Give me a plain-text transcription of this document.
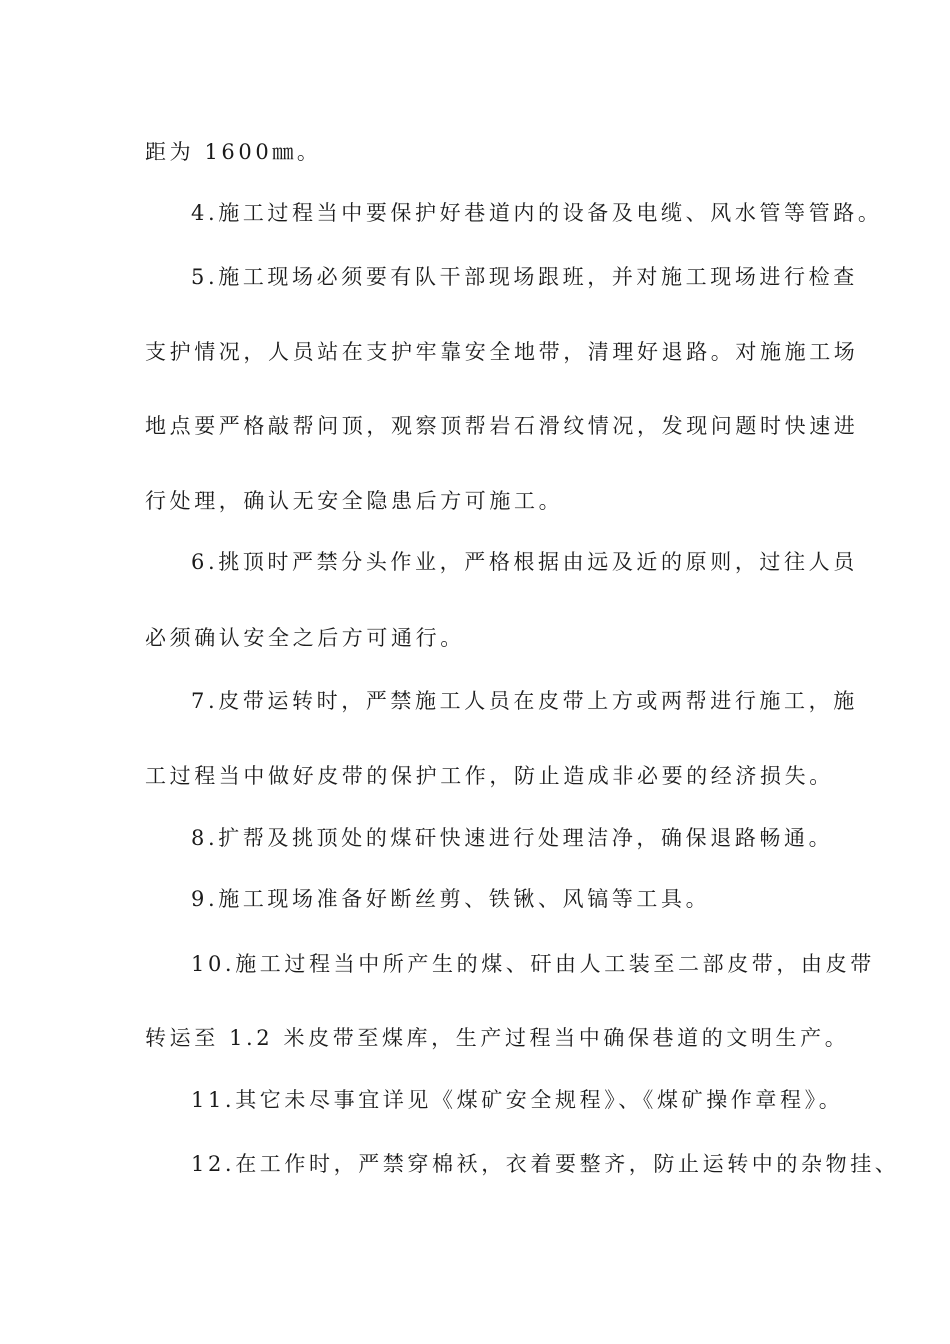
距为 1600㎜。
4.施工过程当中要保护好巷道内的设备及电缆、风水管等管路。
5.施工现场必须要有队干部现场跟班，并对施工现场进行检查
支护情况，人员站在支护牢靠安全地带，清理好退路。对施施工场
地点要严格敲帮问顶，观察顶帮岩石滑纹情况，发现问题时快速进
行处理，确认无安全隐患后方可施工。
6.挑顶时严禁分头作业，严格根据由远及近的原则，过往人员
必须确认安全之后方可通行。
7.皮带运转时，严禁施工人员在皮带上方或两帮进行施工，施
工过程当中做好皮带的保护工作，防止造成非必要的经济损失。
8.扩帮及挑顶处的煤矸快速进行处理洁净，确保退路畅通。
9.施工现场准备好断丝剪、铁锹、风镐等工具。
10.施工过程当中所产生的煤、矸由人工装至二部皮带，由皮带
转运至 1.2 米皮带至煤库，生产过程当中确保巷道的文明生产。
11.其它未尽事宜详见《煤矿安全规程》、《煤矿操作章程》。
12.在工作时，严禁穿棉袄，衣着要整齐，防止运转中的杂物挂、
